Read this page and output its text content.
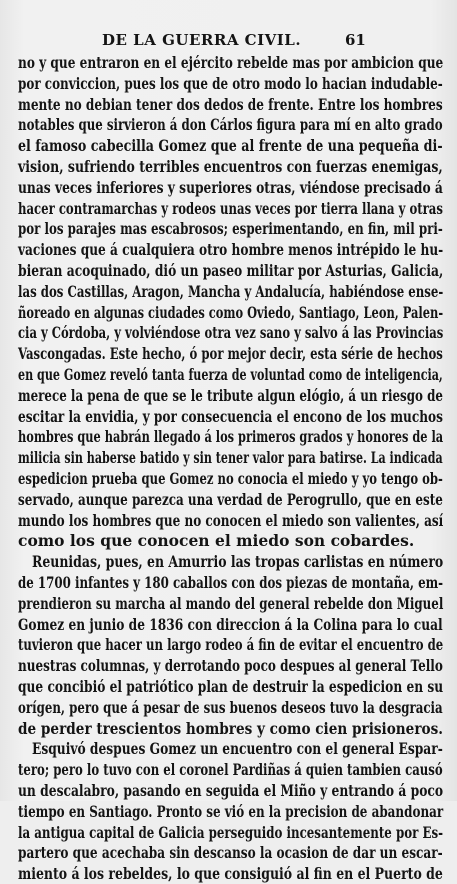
DE LA GUERRA CIVIL.	61
no y que entraron en el ejército rebelde mas por ambicion que
por conviccion, pues los que de otro modo lo hacian indudable-
mente no debian tener dos dedos de frente. Entre los hombres
notables que sirvieron á don Cárlos figura para mí en alto grado
el famoso cabecilla Gomez que al frente de una pequeña di-
vision, sufriendo terribles encuentros con fuerzas enemigas,
unas veces inferiores y superiores otras, viéndose precisado á
hacer contramarchas y rodeos unas veces por tierra llana y otras
por los parajes mas escabrosos; esperimentando, en fin, mil pri-
vaciones que á cualquiera otro hombre menos intrépido le hu-
bieran acoquinado, dió un paseo militar por Asturias, Galicia,
las dos Castillas, Aragon, Mancha y Andalucía, habiéndose ense-
ñoreado en algunas ciudades como Oviedo, Santiago, Leon, Palen-
cia y Córdoba, y volviéndose otra vez sano y salvo á las Provincias
Vascongadas. Este hecho, ó por mejor decir, esta série de hechos
en que Gomez reveló tanta fuerza de voluntad como de inteligencia,
merece la pena de que se le tribute algun elógio, á un riesgo de
escitar la envidia, y por consecuencia el encono de los muchos
hombres que habrán llegado á los primeros grados y honores de la
milicia sin haberse batido y sin tener valor para batirse. La indicada
espedicion prueba que Gomez no conocia el miedo y yo tengo ob-
servado, aunque parezca una verdad de Perogrullo, que en este
mundo los hombres que no conocen el miedo son valientes, así
como los que conocen el miedo son cobardes.
Reunidas, pues, en Amurrio las tropas carlistas en número
de 1700 infantes y 180 caballos con dos piezas de montaña, em-
prendieron su marcha al mando del general rebelde don Miguel
Gomez en junio de 1836 con direccion á la Colina para lo cual
tuvieron que hacer un largo rodeo á fin de evitar el encuentro de
nuestras columnas, y derrotando poco despues al general Tello
que concibió el patriótico plan de destruir la espedicion en su
orígen, pero que á pesar de sus buenos deseos tuvo la desgracia
de perder trescientos hombres y como cien prisioneros.
Esquivó despues Gomez un encuentro con el general Espar-
tero; pero lo tuvo con el coronel Pardiñas á quien tambien causó
un descalabro, pasando en seguida el Miño y entrando á poco
tiempo en Santiago. Pronto se vió en la precision de abandonar
la antigua capital de Galicia perseguido incesantemente por Es-
partero que acechaba sin descanso la ocasion de dar un escar-
miento á los rebeldes, lo que consiguió al fin en el Puerto de
